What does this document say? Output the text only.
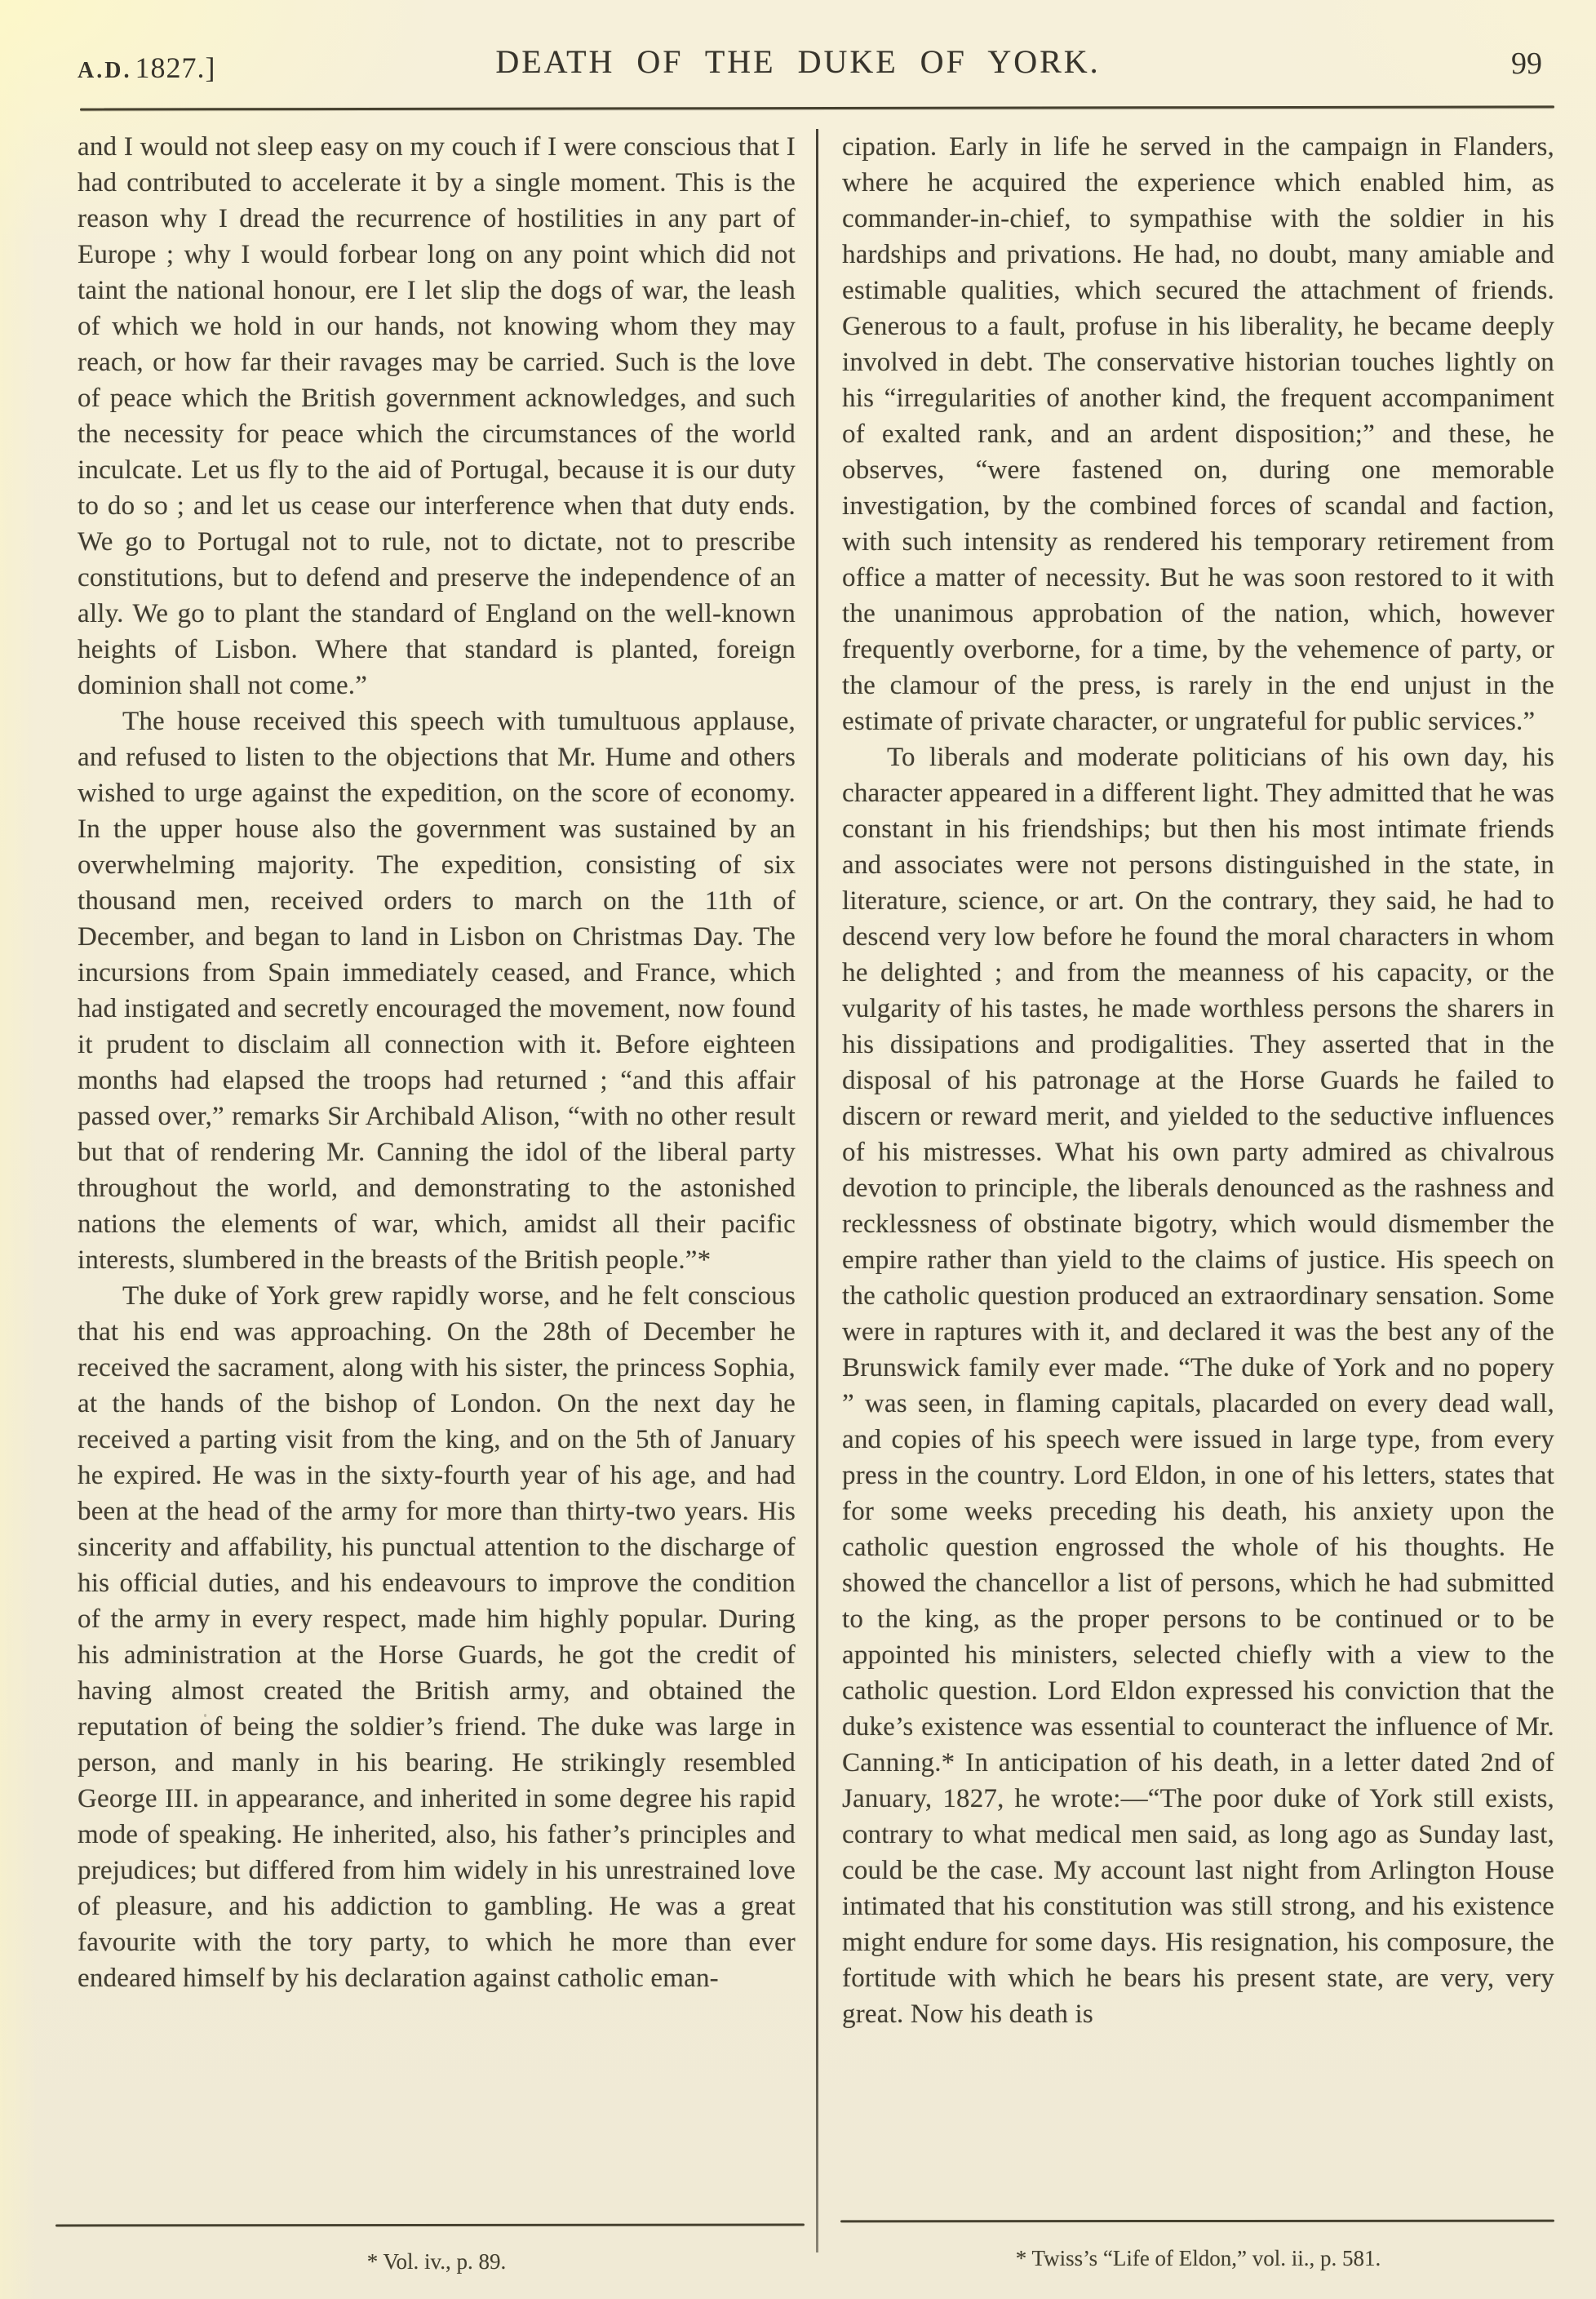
A.D. 1827.]	DEATH OF THE DUKE OF YORK.	99

and I would not sleep easy on my couch if I were conscious that I had contributed to accelerate it by a single moment. This is the reason why I dread the recurrence of hostilities in any part of Europe ; why I would forbear long on any point which did not taint the national honour, ere I let slip the dogs of war, the leash of which we hold in our hands, not knowing whom they may reach, or how far their ravages may be carried. Such is the love of peace which the British government acknowledges, and such the necessity for peace which the circumstances of the world inculcate. Let us fly to the aid of Portugal, because it is our duty to do so ; and let us cease our interference when that duty ends. We go to Portugal not to rule, not to dictate, not to prescribe constitutions, but to defend and preserve the independence of an ally. We go to plant the standard of England on the well-known heights of Lisbon. Where that standard is planted, foreign dominion shall not come.”

The house received this speech with tumultuous applause, and refused to listen to the objections that Mr. Hume and others wished to urge against the expedition, on the score of economy. In the upper house also the government was sustained by an overwhelming majority. The expedition, consisting of six thousand men, received orders to march on the 11th of December, and began to land in Lisbon on Christmas Day. The incursions from Spain immediately ceased, and France, which had instigated and secretly encouraged the movement, now found it prudent to disclaim all connection with it. Before eighteen months had elapsed the troops had returned ; “and this affair passed over,” remarks Sir Archibald Alison, “with no other result but that of rendering Mr. Canning the idol of the liberal party throughout the world, and demonstrating to the astonished nations the elements of war, which, amidst all their pacific interests, slumbered in the breasts of the British people.”*

The duke of York grew rapidly worse, and he felt conscious that his end was approaching. On the 28th of December he received the sacrament, along with his sister, the princess Sophia, at the hands of the bishop of London. On the next day he received a parting visit from the king, and on the 5th of January he expired. He was in the sixty-fourth year of his age, and had been at the head of the army for more than thirty-two years. His sincerity and affability, his punctual attention to the discharge of his official duties, and his endeavours to improve the condition of the army in every respect, made him highly popular. During his administration at the Horse Guards, he got the credit of having almost created the British army, and obtained the reputation of being the soldier’s friend. The duke was large in person, and manly in his bearing. He strikingly resembled George III. in appearance, and inherited in some degree his rapid mode of speaking. He inherited, also, his father’s principles and prejudices; but differed from him widely in his unrestrained love of pleasure, and his addiction to gambling. He was a great favourite with the tory party, to which he more than ever endeared himself by his declaration against catholic eman-

cipation. Early in life he served in the campaign in Flanders, where he acquired the experience which enabled him, as commander-in-chief, to sympathise with the soldier in his hardships and privations. He had, no doubt, many amiable and estimable qualities, which secured the attachment of friends. Generous to a fault, profuse in his liberality, he became deeply involved in debt. The conservative historian touches lightly on his “irregularities of another kind, the frequent accompaniment of exalted rank, and an ardent disposition;” and these, he observes, “were fastened on, during one memorable investigation, by the combined forces of scandal and faction, with such intensity as rendered his temporary retirement from office a matter of necessity. But he was soon restored to it with the unanimous approbation of the nation, which, however frequently overborne, for a time, by the vehemence of party, or the clamour of the press, is rarely in the end unjust in the estimate of private character, or ungrateful for public services.”

To liberals and moderate politicians of his own day, his character appeared in a different light. They admitted that he was constant in his friendships; but then his most intimate friends and associates were not persons distinguished in the state, in literature, science, or art. On the contrary, they said, he had to descend very low before he found the moral characters in whom he delighted ; and from the meanness of his capacity, or the vulgarity of his tastes, he made worthless persons the sharers in his dissipations and prodigalities. They asserted that in the disposal of his patronage at the Horse Guards he failed to discern or reward merit, and yielded to the seductive influences of his mistresses. What his own party admired as chivalrous devotion to principle, the liberals denounced as the rashness and recklessness of obstinate bigotry, which would dismember the empire rather than yield to the claims of justice. His speech on the catholic question produced an extraordinary sensation. Some were in raptures with it, and declared it was the best any of the Brunswick family ever made. “The duke of York and no popery ” was seen, in flaming capitals, placarded on every dead wall, and copies of his speech were issued in large type, from every press in the country. Lord Eldon, in one of his letters, states that for some weeks preceding his death, his anxiety upon the catholic question engrossed the whole of his thoughts. He showed the chancellor a list of persons, which he had submitted to the king, as the proper persons to be continued or to be appointed his ministers, selected chiefly with a view to the catholic question. Lord Eldon expressed his conviction that the duke’s existence was essential to counteract the influence of Mr. Canning.* In anticipation of his death, in a letter dated 2nd of January, 1827, he wrote:—“The poor duke of York still exists, contrary to what medical men said, as long ago as Sunday last, could be the case. My account last night from Arlington House intimated that his constitution was still strong, and his existence might endure for some days. His resignation, his composure, the fortitude with which he bears his present state, are very, very great. Now his death is

* Vol. iv., p. 89.	* Twiss’s “Life of Eldon,” vol. ii., p. 581.
